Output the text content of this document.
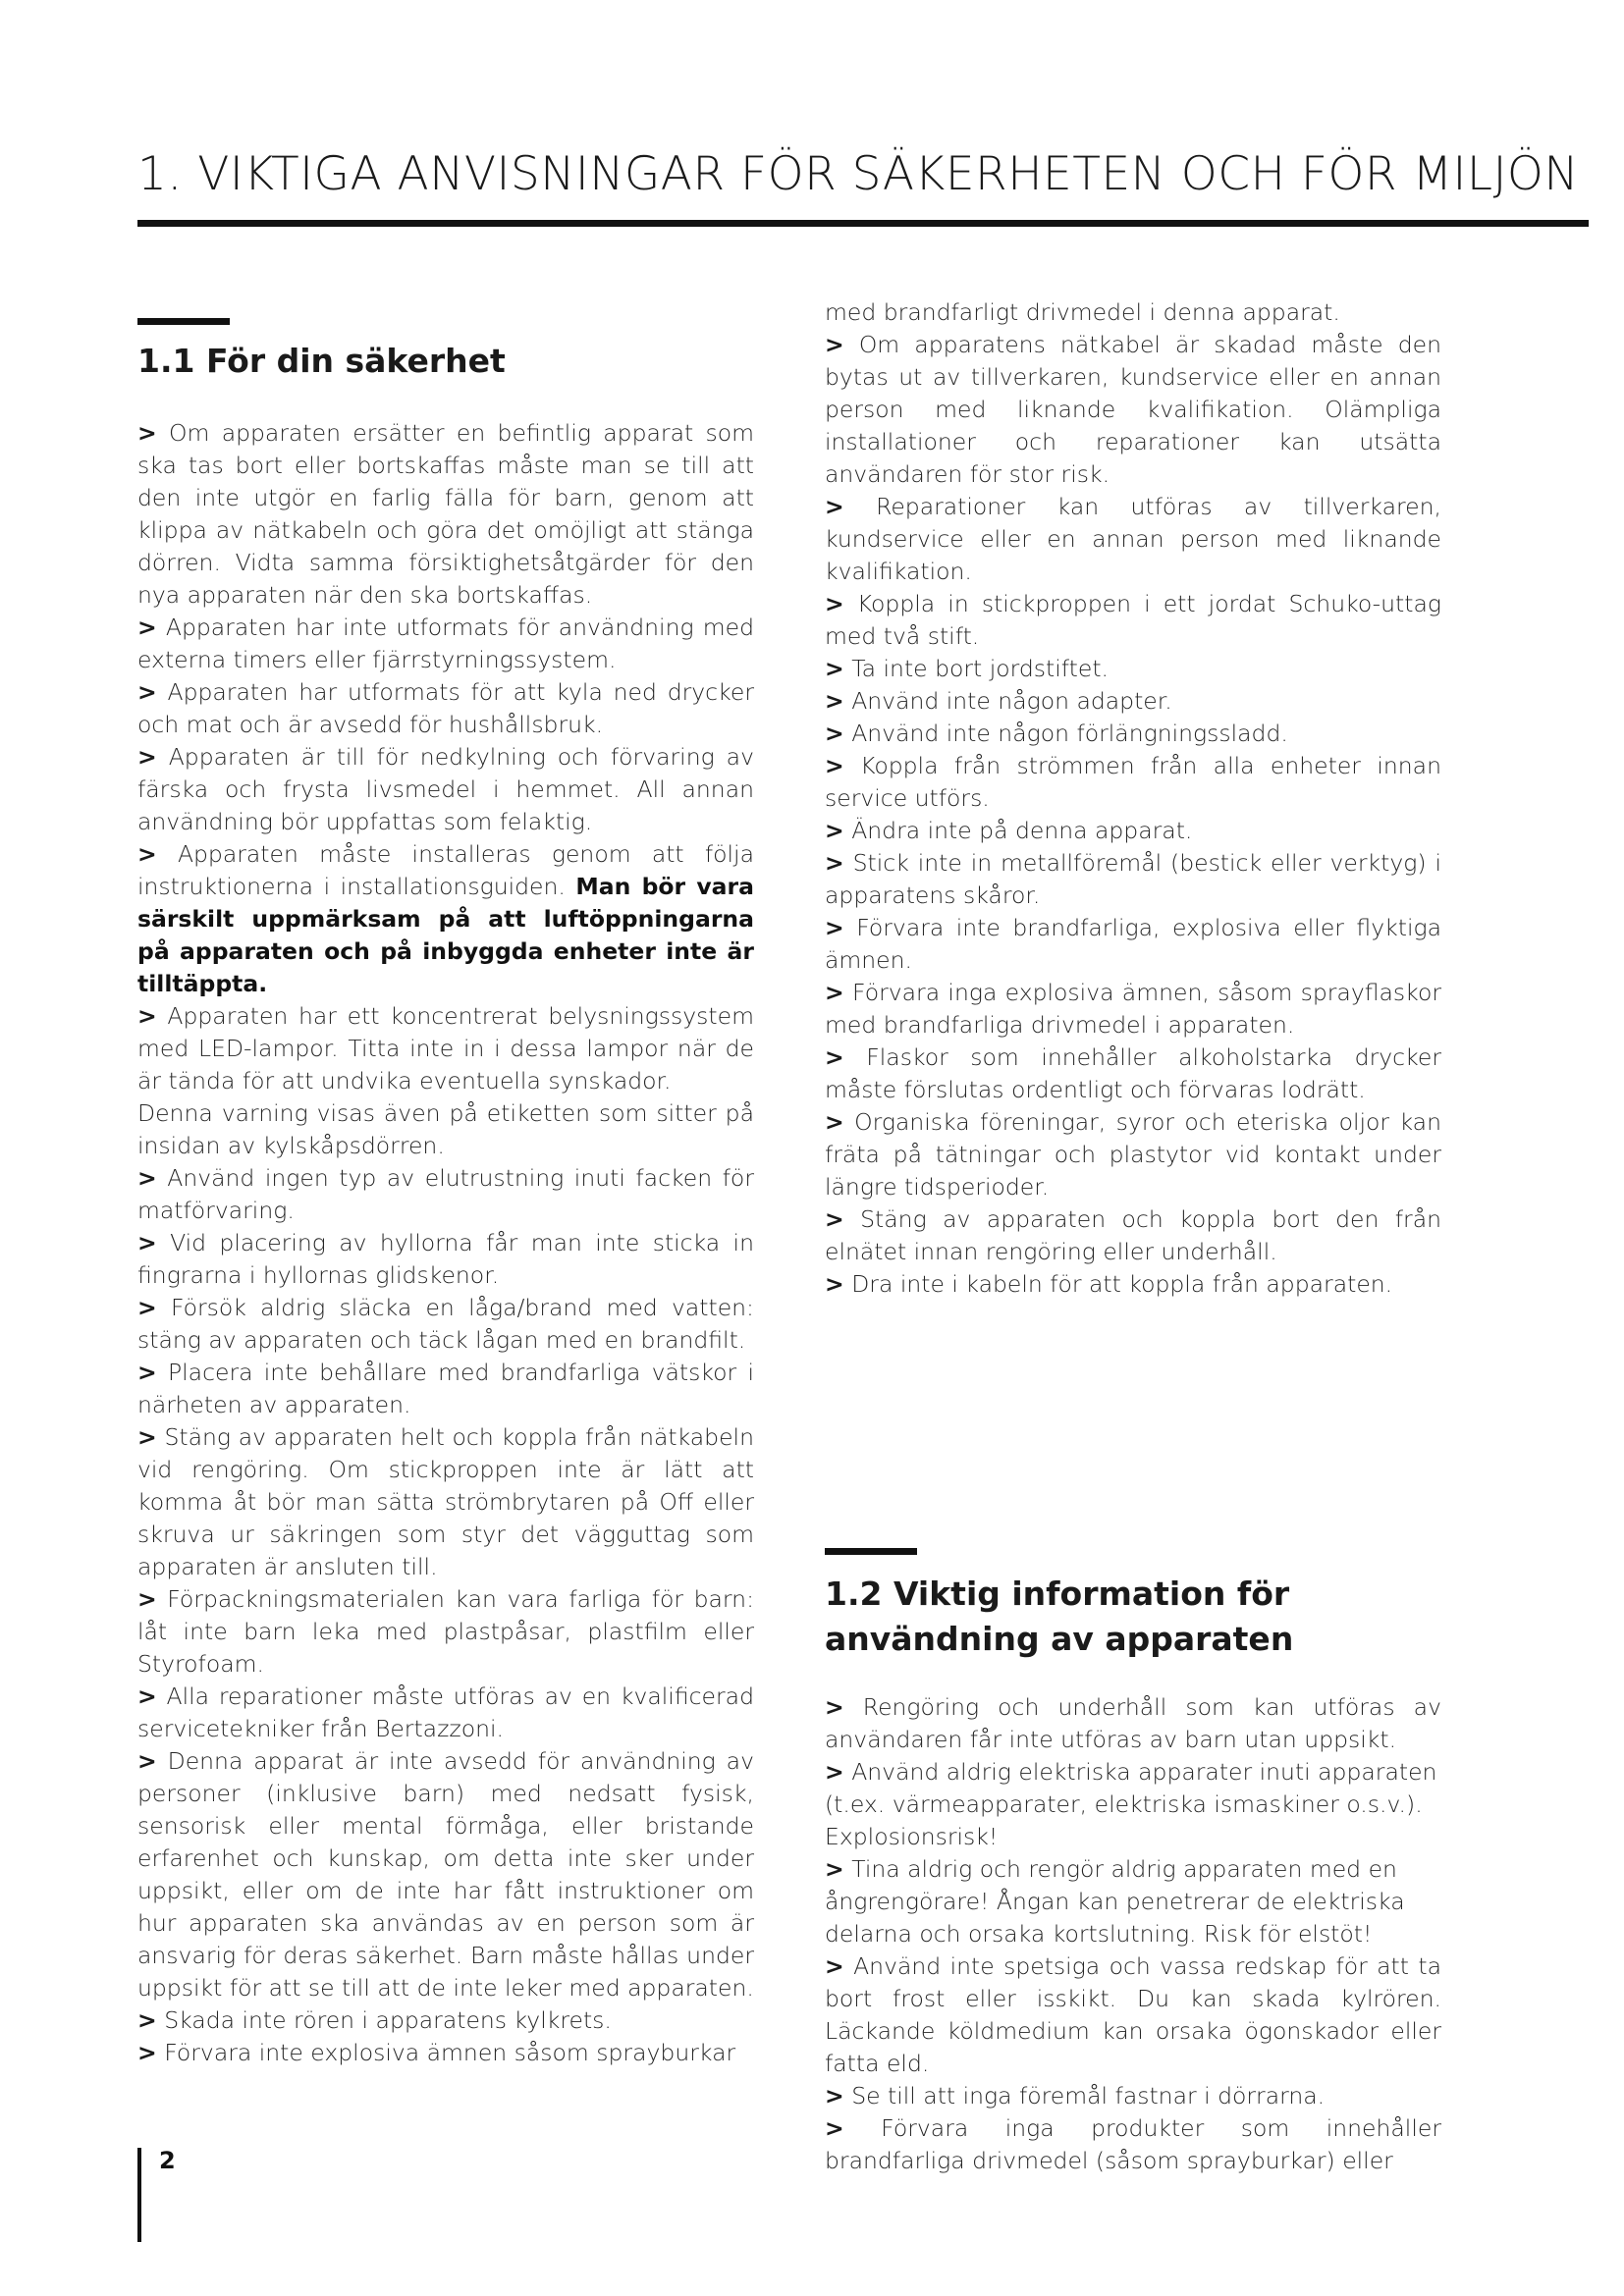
1. VIKTIGA ANVISNINGAR FÖR SÄKERHETEN OCH FÖR MILJÖN
1.1 För din säkerhet
> Om apparaten ersätter en befintlig apparat som ska tas bort eller bortskaffas måste man se till att den inte utgör en farlig fälla för barn, genom att klippa av nätkabeln och göra det omöjligt att stänga dörren. Vidta samma försiktighetsåtgärder för den nya apparaten när den ska bortskaffas.
> Apparaten har inte utformats för användning med externa timers eller fjärrstyrningssystem.
> Apparaten har utformats för att kyla ned drycker och mat och är avsedd för hushållsbruk.
> Apparaten är till för nedkylning och förvaring av färska och frysta livsmedel i hemmet. All annan användning bör uppfattas som felaktig.
> Apparaten måste installeras genom att följa instruktionerna i installationsguiden. Man bör vara särskilt uppmärksam på att luftöppningarna på apparaten och på inbyggda enheter inte är tilltäppta.
> Apparaten har ett koncentrerat belysningssystem med LED-lampor. Titta inte in i dessa lampor när de är tända för att undvika eventuella synskador.
Denna varning visas även på etiketten som sitter på insidan av kylskåpsdörren.
> Använd ingen typ av elutrustning inuti facken för matförvaring.
> Vid placering av hyllorna får man inte sticka in fingrarna i hyllornas glidskenor.
> Försök aldrig släcka en låga/brand med vatten: stäng av apparaten och täck lågan med en brandfilt.
> Placera inte behållare med brandfarliga vätskor i närheten av apparaten.
> Stäng av apparaten helt och koppla från nätkabeln vid rengöring. Om stickproppen inte är lätt att komma åt bör man sätta strömbrytaren på Off eller skruva ur säkringen som styr det vägguttag som apparaten är ansluten till.
> Förpackningsmaterialen kan vara farliga för barn: låt inte barn leka med plastpåsar, plastfilm eller Styrofoam.
> Alla reparationer måste utföras av en kvalificerad servicetekniker från Bertazzoni.
> Denna apparat är inte avsedd för användning av personer (inklusive barn) med nedsatt fysisk, sensorisk eller mental förmåga, eller bristande erfarenhet och kunskap, om detta inte sker under uppsikt, eller om de inte har fått instruktioner om hur apparaten ska användas av en person som är ansvarig för deras säkerhet. Barn måste hållas under uppsikt för att se till att de inte leker med apparaten.
> Skada inte rören i apparatens kylkrets.
> Förvara inte explosiva ämnen såsom sprayburkar

med brandfarligt drivmedel i denna apparat.

> Om apparatens nätkabel är skadad måste den bytas ut av tillverkaren, kundservice eller en annan person med liknande kvalifikation. Olämpliga installationer och reparationer kan utsätta användaren för stor risk.
> Reparationer kan utföras av tillverkaren, kundservice eller en annan person med liknande kvalifikation.
> Koppla in stickproppen i ett jordat Schuko-uttag med två stift.
> Ta inte bort jordstiftet.
> Använd inte någon adapter.
> Använd inte någon förlängningssladd.
> Koppla från strömmen från alla enheter innan service utförs.
> Ändra inte på denna apparat.
> Stick inte in metallföremål (bestick eller verktyg) i apparatens skåror.
> Förvara inte brandfarliga, explosiva eller flyktiga ämnen.
> Förvara inga explosiva ämnen, såsom sprayflaskor med brandfarliga drivmedel i apparaten.
> Flaskor som innehåller alkoholstarka drycker måste förslutas ordentligt och förvaras lodrätt.
> Organiska föreningar, syror och eteriska oljor kan fräta på tätningar och plastytor vid kontakt under längre tidsperioder.
> Stäng av apparaten och koppla bort den från elnätet innan rengöring eller underhåll.
> Dra inte i kabeln för att koppla från apparaten.
1.2 Viktig information för användning av apparaten
> Rengöring och underhåll som kan utföras av användaren får inte utföras av barn utan uppsikt.
> Använd aldrig elektriska apparater inuti apparaten (t.ex. värmeapparater, elektriska ismaskiner o.s.v.). Explosionsrisk!
> Tina aldrig och rengör aldrig apparaten med en ångrengörare! Ångan kan penetrerar de elektriska delarna och orsaka kortslutning. Risk för elstöt!
> Använd inte spetsiga och vassa redskap för att ta bort frost eller isskikt. Du kan skada kylrören. Läckande köldmedium kan orsaka ögonskador eller fatta eld.
> Se till att inga föremål fastnar i dörrarna.
> Förvara inga produkter som innehåller brandfarliga drivmedel (såsom sprayburkar) eller
2
